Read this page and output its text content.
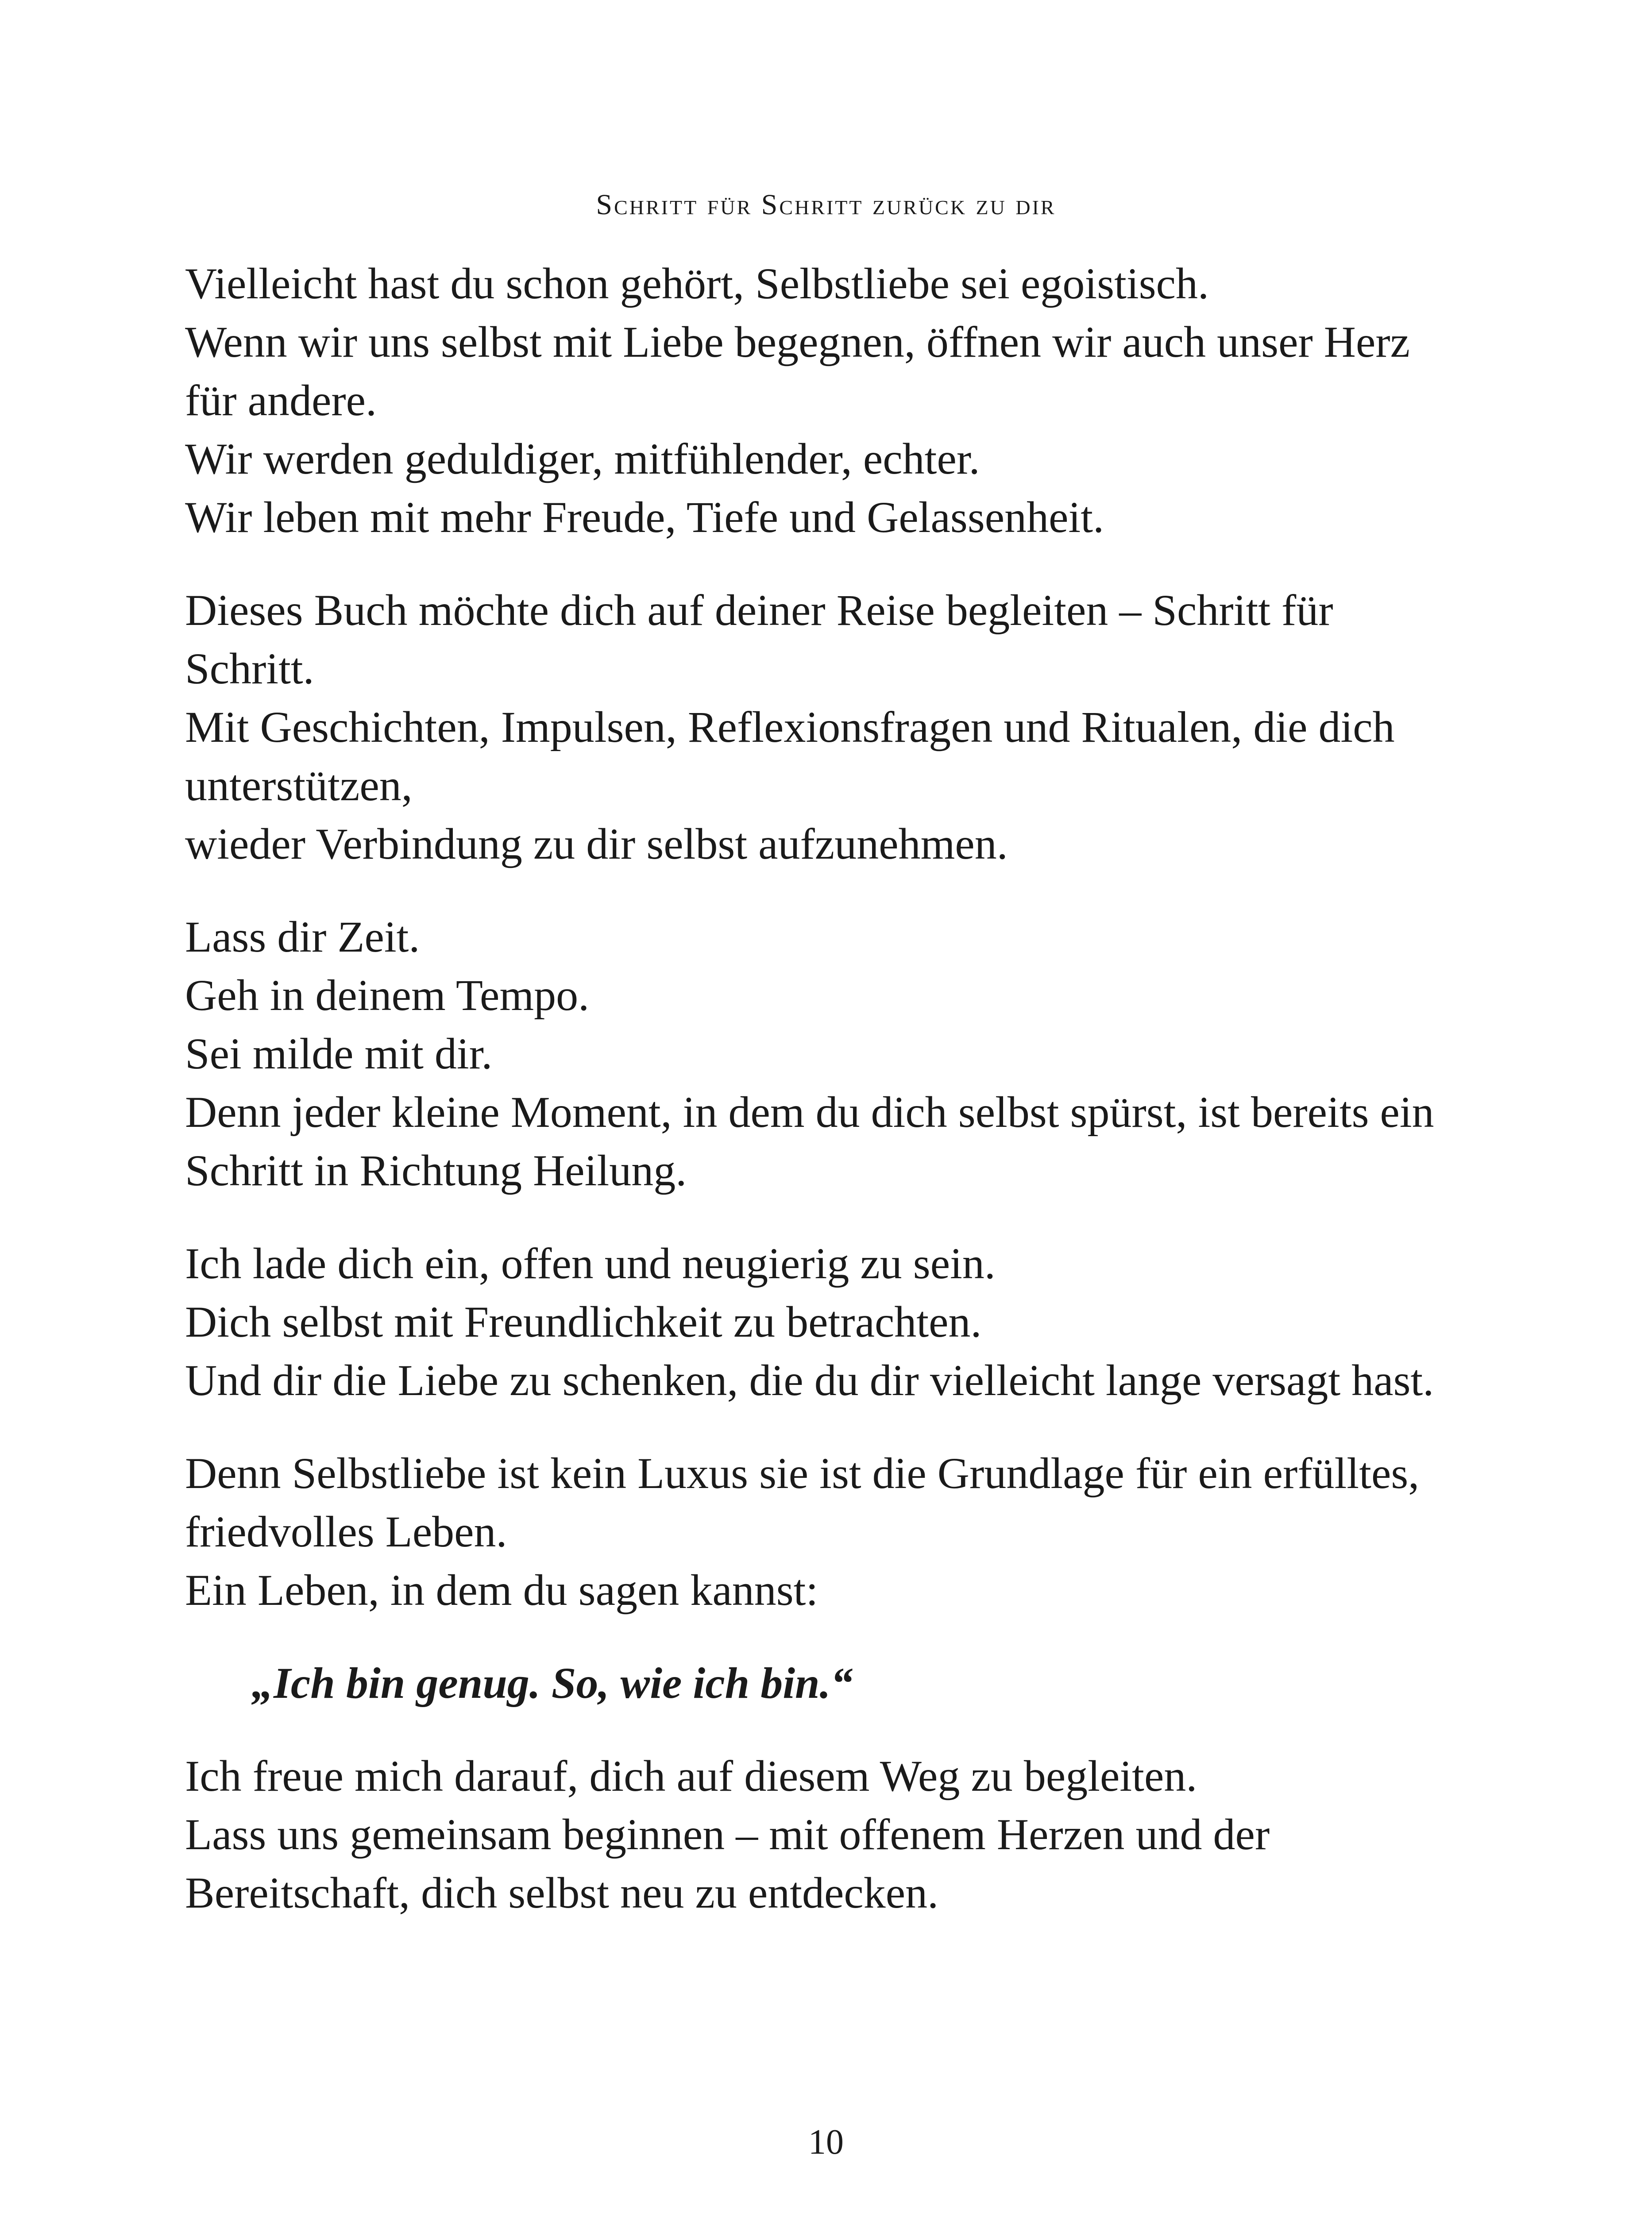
Schritt für Schritt zurück zu dir

Vielleicht hast du schon gehört, Selbstliebe sei egoistisch.
Wenn wir uns selbst mit Liebe begegnen, öffnen wir auch unser Herz
für andere.
Wir werden geduldiger, mitfühlender, echter.
Wir leben mit mehr Freude, Tiefe und Gelassenheit.

Dieses Buch möchte dich auf deiner Reise begleiten – Schritt für
Schritt.
Mit Geschichten, Impulsen, Reflexionsfragen und Ritualen, die dich
unterstützen,
wieder Verbindung zu dir selbst aufzunehmen.

Lass dir Zeit.
Geh in deinem Tempo.
Sei milde mit dir.
Denn jeder kleine Moment, in dem du dich selbst spürst, ist bereits ein
Schritt in Richtung Heilung.

Ich lade dich ein, offen und neugierig zu sein.
Dich selbst mit Freundlichkeit zu betrachten.
Und dir die Liebe zu schenken, die du dir vielleicht lange versagt hast.

Denn Selbstliebe ist kein Luxus sie ist die Grundlage für ein erfülltes,
friedvolles Leben.
Ein Leben, in dem du sagen kannst:

„Ich bin genug. So, wie ich bin.“

Ich freue mich darauf, dich auf diesem Weg zu begleiten.
Lass uns gemeinsam beginnen – mit offenem Herzen und der
Bereitschaft, dich selbst neu zu entdecken.

10
